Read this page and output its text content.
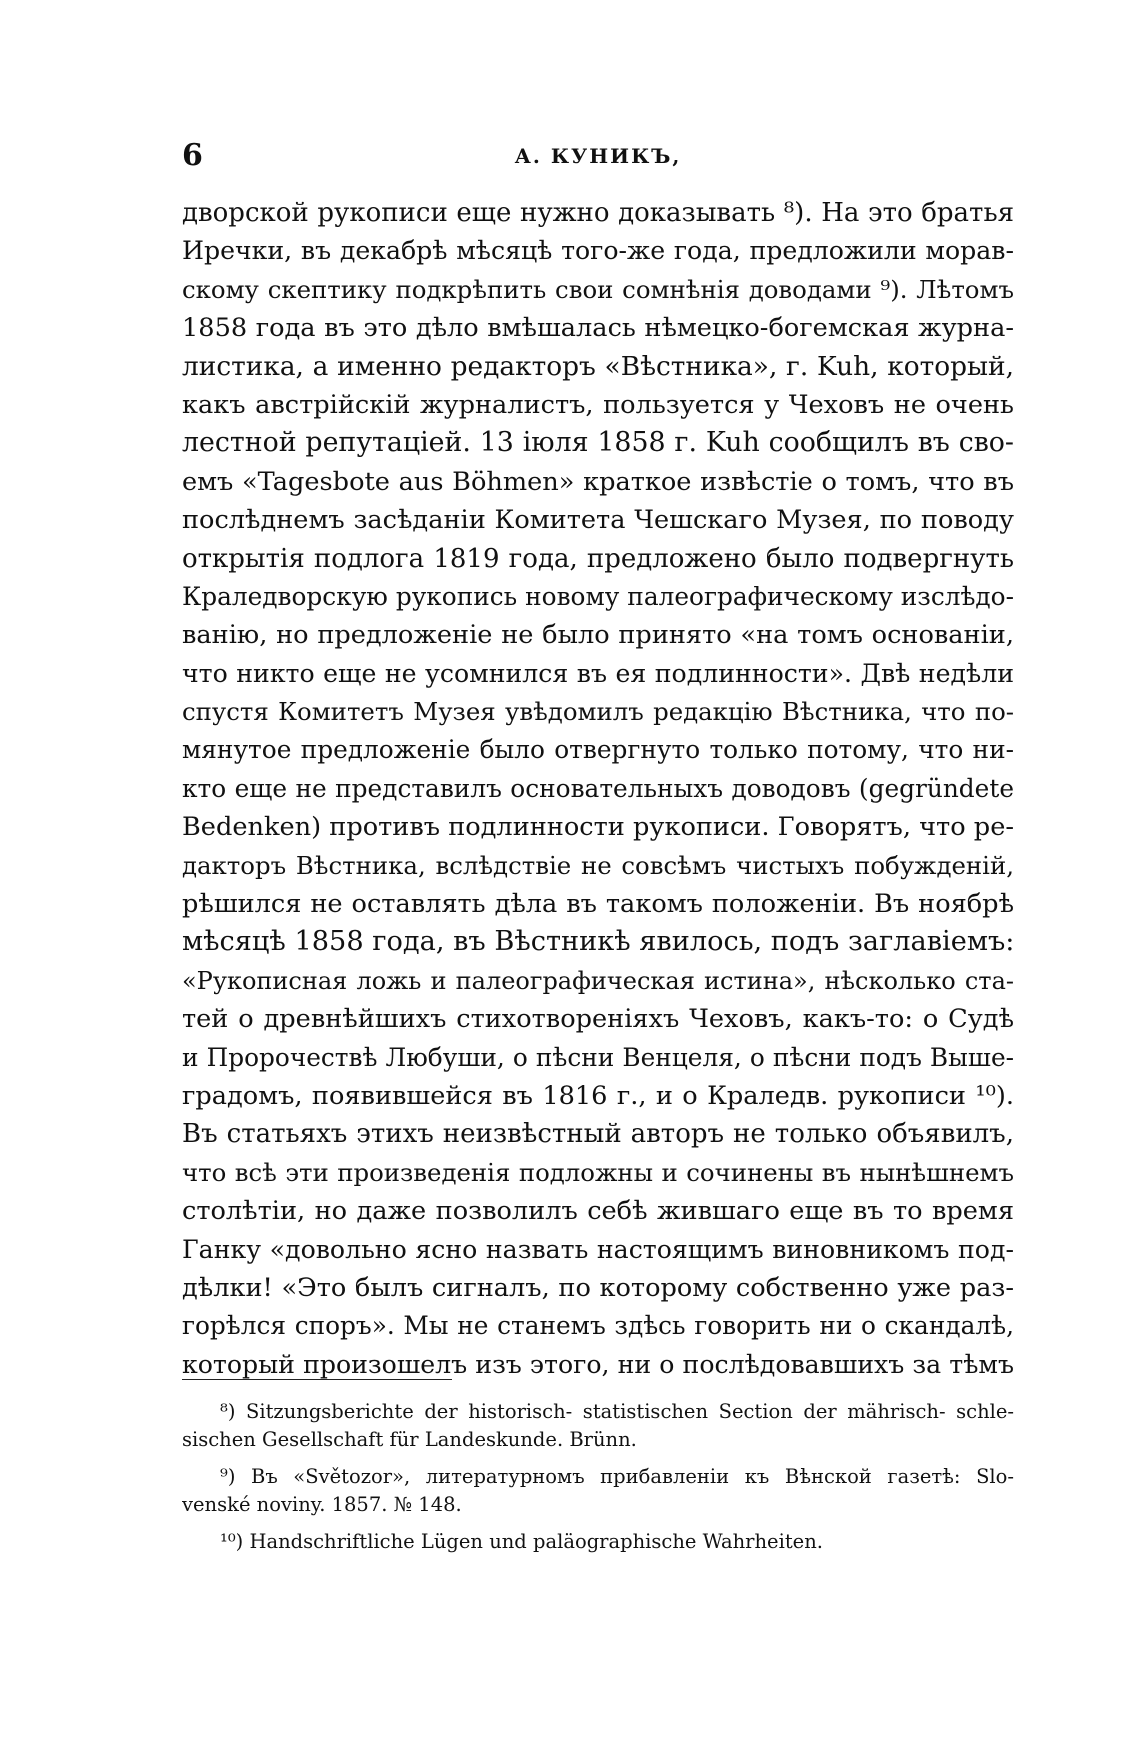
6	А. КУНИКЪ,
дворской рукописи еще нужно доказывать ⁸). На это братья
Иречки, въ декабрѣ мѣсяцѣ того-же года, предложили морав-
скому скептику подкрѣпить свои сомнѣнія доводами ⁹). Лѣтомъ
1858 года въ это дѣло вмѣшалась нѣмецко-богемская журна-
листика, а именно редакторъ «Вѣстника», г. Kuh, который,
какъ австрійскій журналистъ, пользуется у Чеховъ не очень
лестной репутаціей. 13 іюля 1858 г. Kuh сообщилъ въ сво-
емъ «Tagesbote aus Böhmen» краткое извѣстіе о томъ, что въ
послѣднемъ засѣданіи Комитета Чешскаго Музея, по поводу
открытія подлога 1819 года, предложено было подвергнуть
Краледворскую рукопись новому палеографическому изслѣдо-
ванію, но предложеніе не было принято «на томъ основаніи,
что никто еще не усомнился въ ея подлинности». Двѣ недѣли
спустя Комитетъ Музея увѣдомилъ редакцію Вѣстника, что по-
мянутое предложеніе было отвергнуто только потому, что ни-
кто еще не представилъ основательныхъ доводовъ (gegründete
Bedenken) противъ подлинности рукописи. Говорятъ, что ре-
дакторъ Вѣстника, вслѣдствіе не совсѣмъ чистыхъ побужденій,
рѣшился не оставлять дѣла въ такомъ положеніи. Въ ноябрѣ
мѣсяцѣ 1858 года, въ Вѣстникѣ явилось, подъ заглавіемъ:
«Рукописная ложь и палеографическая истина», нѣсколько ста-
тей о древнѣйшихъ стихотвореніяхъ Чеховъ, какъ-то: о Судѣ
и Пророчествѣ Любуши, о пѣсни Венцеля, о пѣсни подъ Выше-
градомъ, появившейся въ 1816 г., и о Краледв. рукописи ¹⁰).
Въ статьяхъ этихъ неизвѣстный авторъ не только объявилъ,
что всѣ эти произведенія подложны и сочинены въ нынѣшнемъ
столѣтіи, но даже позволилъ себѣ жившаго еще въ то время
Ганку «довольно ясно назвать настоящимъ виновникомъ под-
дѣлки! «Это былъ сигналъ, по которому собственно уже раз-
горѣлся споръ». Мы не станемъ здѣсь говорить ни о скандалѣ,
который произошелъ изъ этого, ни о послѣдовавшихъ за тѣмъ
⁸) Sitzungsberichte der historisch- statistischen Section der mährisch- schle-
sischen Gesellschaft für Landeskunde. Brünn.
⁹) Въ «Světozor», литературномъ прибавленіи къ Вѣнской газетѣ: Slo-
venské noviny. 1857. № 148.
¹⁰) Handschriftliche Lügen und paläographische Wahrheiten.
